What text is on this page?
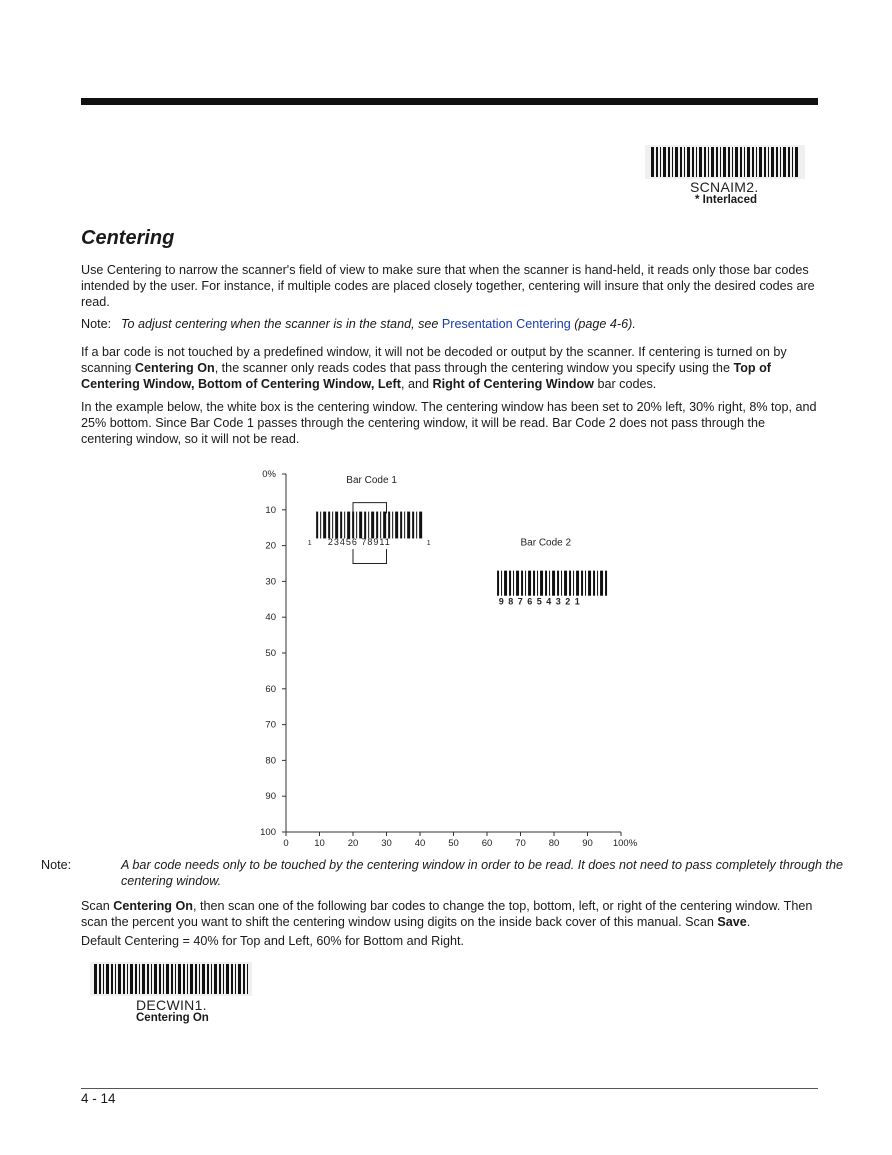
SCNAIM2.
* Interlaced
Centering

Use Centering to narrow the scanner's field of view to make sure that when the scanner is hand-held, it reads only those bar codes intended by the user. For instance, if multiple codes are placed closely together, centering will insure that only the desired codes are read.

Note: To adjust centering when the scanner is in the stand, see Presentation Centering (page 4-6).

If a bar code is not touched by a predefined window, it will not be decoded or output by the scanner. If centering is turned on by scanning Centering On, the scanner only reads codes that pass through the centering window you specify using the Top of Centering Window, Bottom of Centering Window, Left, and Right of Centering Window bar codes.

In the example below, the white box is the centering window. The centering window has been set to 20% left, 30% right, 8% top, and 25% bottom. Since Bar Code 1 passes through the centering window, it will be read. Bar Code 2 does not pass through the centering window, so it will not be read.

0%
10
20
30
40
50
60
70
80
90
100
0	10 20 30 40 50 60 70 80 90 100%
Bar Code 1
23456 78911
1	1	Bar Code 2
9 8 7 6 5 4 3 2 1

Note:	A bar code needs only to be touched by the centering window in order to be read. It does not need to pass completely through the centering window.

Scan Centering On, then scan one of the following bar codes to change the top, bottom, left, or right of the centering window. Then scan the percent you want to shift the centering window using digits on the inside back cover of this manual. Scan Save.

Default Centering = 40% for Top and Left, 60% for Bottom and Right.

DECWIN1.
Centering On
4 - 14
